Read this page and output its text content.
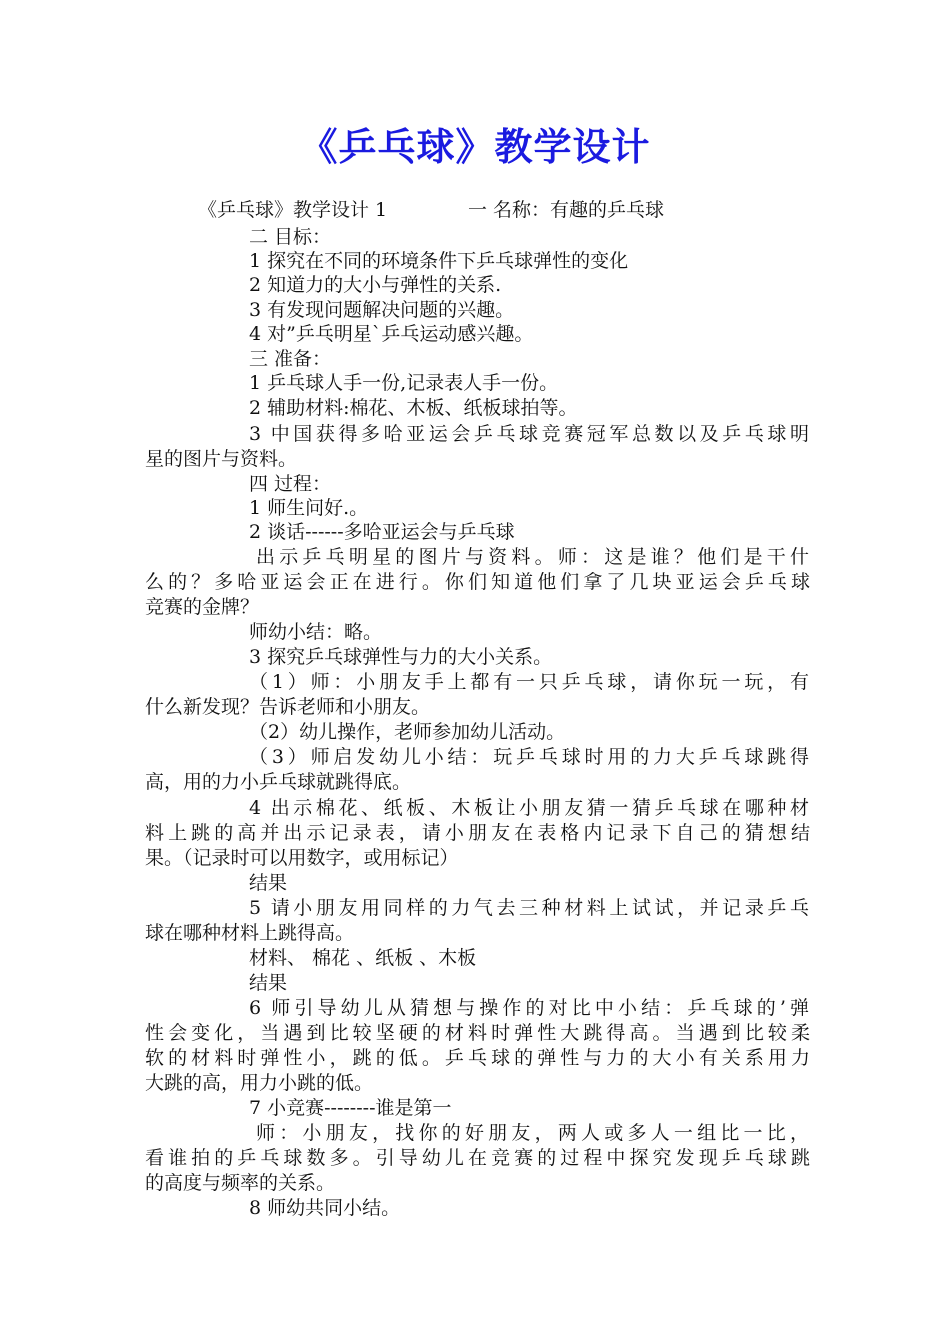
《乒乓球》教学设计
《乒乓球》教学设计 1	一 名称：有趣的乒乓球
二 目标：
1 探究在不同的环境条件下乒乓球弹性的变化
2 知道力的大小与弹性的关系.
3 有发现问题解决问题的兴趣。
4 对”乒乓明星`乒乓运动感兴趣。
三 准备：
1 乒乓球人手一份,记录表人手一份。
2 辅助材料:棉花、木板、纸板球拍等。
3 中国获得多哈亚运会乒乓球竞赛冠军总数以及乒乓球明
星的图片与资料。
四 过程：
1 师生问好.。
2 谈话------多哈亚运会与乒乓球
出示乒乓明星的图片与资料。师：这是谁？他们是干什
么的？多哈亚运会正在进行。你们知道他们拿了几块亚运会乒乓球
竞赛的金牌？
师幼小结：略。
3 探究乒乓球弹性与力的大小关系。
（1）师：小朋友手上都有一只乒乓球，请你玩一玩，有
什么新发现？告诉老师和小朋友。
（2）幼儿操作，老师参加幼儿活动。
（3）师启发幼儿小结：玩乒乓球时用的力大乒乓球跳得
高，用的力小乒乓球就跳得底。
4 出示棉花、纸板、木板让小朋友猜一猜乒乓球在哪种材
料上跳的高并出示记录表，请小朋友在表格内记录下自己的猜想结
果。（记录时可以用数字，或用标记）
结果
5 请小朋友用同样的力气去三种材料上试试，并记录乒乓
球在哪种材料上跳得高。
材料、 棉花 、纸板 、木板
结果
6 师引导幼儿从猜想与操作的对比中小结：乒乓球的’弹
性会变化，当遇到比较坚硬的材料时弹性大跳得高。当遇到比较柔
软的材料时弹性小，跳的低。乒乓球的弹性与力的大小有关系用力
大跳的高，用力小跳的低。
7 小竞赛--------谁是第一
师：小朋友，找你的好朋友，两人或多人一组比一比，
看谁拍的乒乓球数多。引导幼儿在竞赛的过程中探究发现乒乓球跳
的高度与频率的关系。
8 师幼共同小结。
